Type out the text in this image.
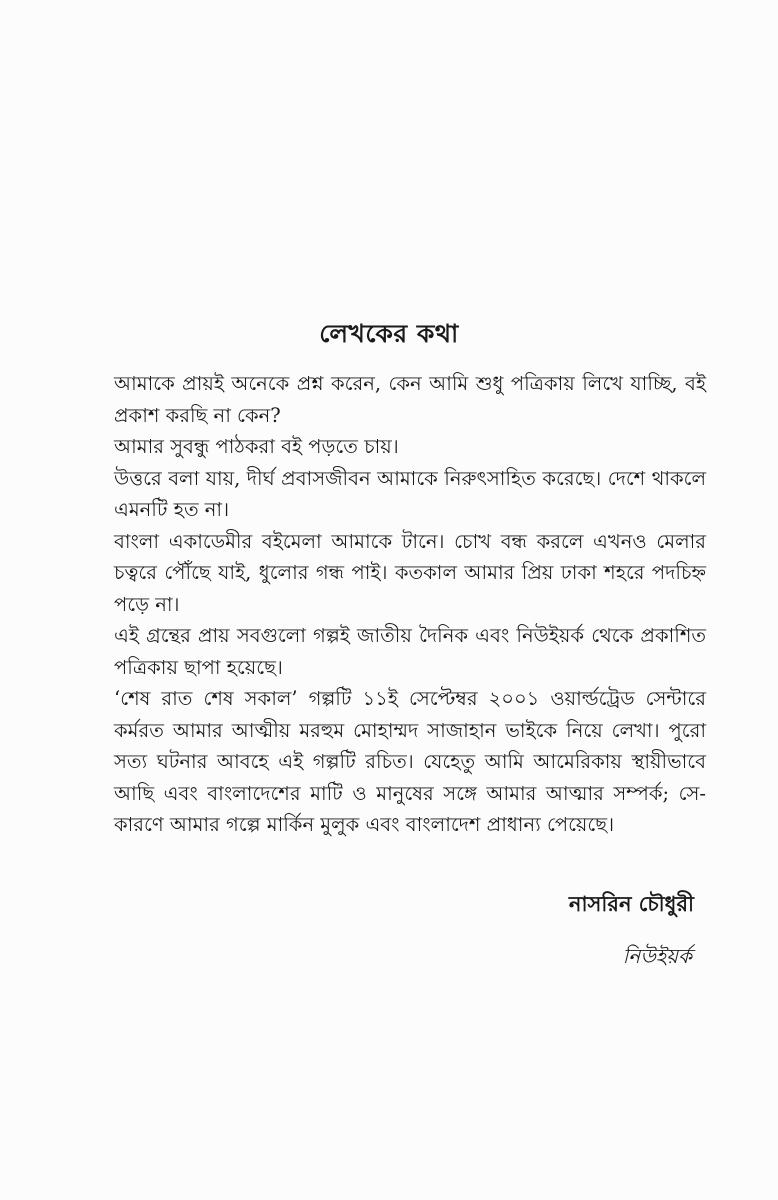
লেখকের কথা

আমাকে প্রায়ই অনেকে প্রশ্ন করেন, কেন আমি শুধু পত্রিকায় লিখে যাচ্ছি, বই প্রকাশ করছি না কেন?

আমার সুবন্ধু পাঠকরা বই পড়তে চায়।

উত্তরে বলা যায়, দীর্ঘ প্রবাসজীবন আমাকে নিরুৎসাহিত করেছে। দেশে থাকলে এমনটি হত না।

বাংলা একাডেমীর বইমেলা আমাকে টানে। চোখ বন্ধ করলে এখনও মেলার চত্বরে পৌঁছে যাই, ধুলোর গন্ধ পাই। কতকাল আমার প্রিয় ঢাকা শহরে পদচিহ্ন পড়ে না।

এই গ্রন্থের প্রায় সবগুলো গল্পই জাতীয় দৈনিক এবং নিউইয়র্ক থেকে প্রকাশিত পত্রিকায় ছাপা হয়েছে।

‘শেষ রাত শেষ সকাল’ গল্পটি ১১ই সেপ্টেম্বর ২০০১ ওয়ার্ল্ডট্রেড সেন্টারে কর্মরত আমার আত্মীয় মরহুম মোহাম্মদ সাজাহান ভাইকে নিয়ে লেখা। পুরো সত্য ঘটনার আবহে এই গল্পটি রচিত। যেহেতু আমি আমেরিকায় স্থায়ীভাবে আছি এবং বাংলাদেশের মাটি ও মানুষের সঙ্গে আমার আত্মার সম্পর্ক; সে-কারণে আমার গল্পে মার্কিন মুলুক এবং বাংলাদেশ প্রাধান্য পেয়েছে।

নাসরিন চৌধুরী
নিউইয়র্ক
